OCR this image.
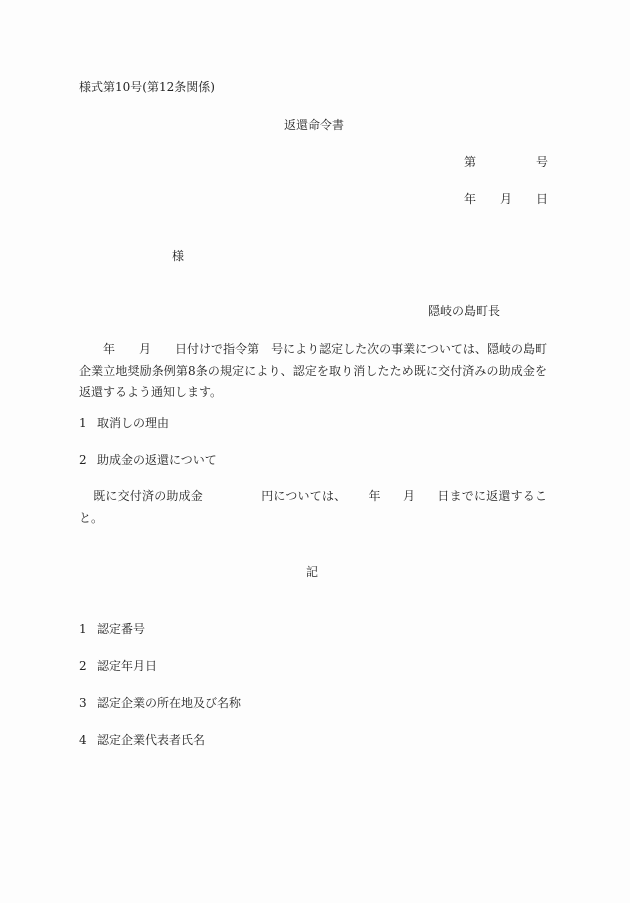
様式第10号(第12条関係)
返還命令書
第	号
年 月 日
様
隠岐の島町長
年 月 日付けで指令第 号により認定した次の事業については、隠岐の島町企業立地奨励条例第8条の規定により、認定を取り消したため既に交付済みの助成金を返還するよう通知します。
1 取消しの理由
2 助成金の返還について
既に交付済の助成金	円については、 年 月 日までに返還すること。
記
1 認定番号
2 認定年月日
3 認定企業の所在地及び名称
4 認定企業代表者氏名
